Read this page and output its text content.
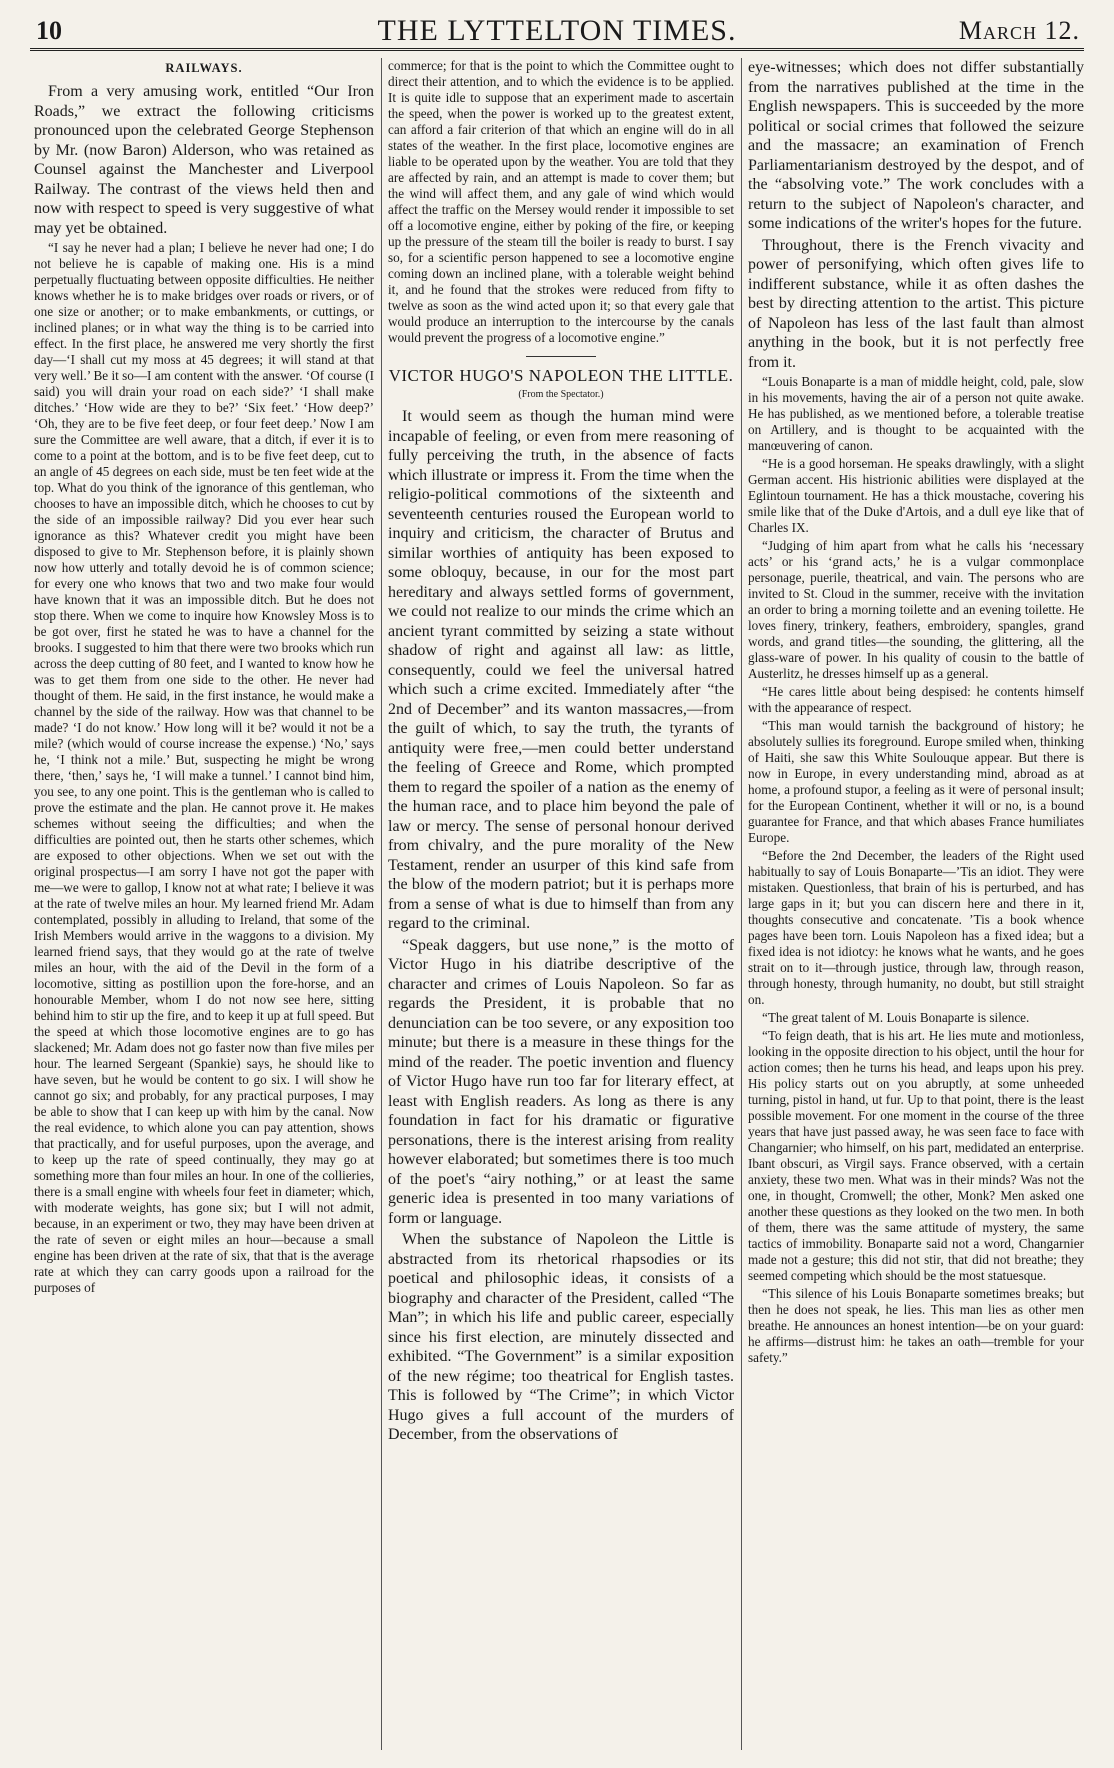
10	THE LYTTELTON TIMES.	March 12.
RAILWAYS.

From a very amusing work, entitled “Our Iron Roads,” we extract the following criticisms pronounced upon the celebrated George Stephenson by Mr. (now Baron) Alderson, who was retained as Counsel against the Manchester and Liverpool Railway. The contrast of the views held then and now with respect to speed is very suggestive of what may yet be obtained.

“I say he never had a plan; I believe he never had one; I do not believe he is capable of making one. His is a mind perpetually fluctuating between opposite difficulties. He neither knows whether he is to make bridges over roads or rivers, or of one size or another; or to make embankments, or cuttings, or inclined planes; or in what way the thing is to be carried into effect. In the first place, he answered me very shortly the first day—‘I shall cut my moss at 45 degrees; it will stand at that very well.’ Be it so—I am content with the answer. ‘Of course (I said) you will drain your road on each side?’ ‘I shall make ditches.’ ‘How wide are they to be?’ ‘Six feet.’ ‘How deep?’ ‘Oh, they are to be five feet deep, or four feet deep.’ Now I am sure the Committee are well aware, that a ditch, if ever it is to come to a point at the bottom, and is to be five feet deep, cut to an angle of 45 degrees on each side, must be ten feet wide at the top. What do you think of the ignorance of this gentleman, who chooses to have an impossible ditch, which he chooses to cut by the side of an impossible railway? Did you ever hear such ignorance as this? Whatever credit you might have been disposed to give to Mr. Stephenson before, it is plainly shown now how utterly and totally devoid he is of common science; for every one who knows that two and two make four would have known that it was an impossible ditch. But he does not stop there. When we come to inquire how Knowsley Moss is to be got over, first he stated he was to have a channel for the brooks. I suggested to him that there were two brooks which run across the deep cutting of 80 feet, and I wanted to know how he was to get them from one side to the other. He never had thought of them. He said, in the first instance, he would make a channel by the side of the railway. How was that channel to be made? ‘I do not know.’ How long will it be? would it not be a mile? (which would of course increase the expense.) ‘No,’ says he, ‘I think not a mile.’ But, suspecting he might be wrong there, ‘then,’ says he, ‘I will make a tunnel.’ I cannot bind him, you see, to any one point. This is the gentleman who is called to prove the estimate and the plan. He cannot prove it. He makes schemes without seeing the difficulties; and when the difficulties are pointed out, then he starts other schemes, which are exposed to other objections. When we set out with the original prospectus—I am sorry I have not got the paper with me—we were to gallop, I know not at what rate; I believe it was at the rate of twelve miles an hour. My learned friend Mr. Adam contemplated, possibly in alluding to Ireland, that some of the Irish Members would arrive in the waggons to a division. My learned friend says, that they would go at the rate of twelve miles an hour, with the aid of the Devil in the form of a locomotive, sitting as postillion upon the fore-horse, and an honourable Member, whom I do not now see here, sitting behind him to stir up the fire, and to keep it up at full speed. But the speed at which those locomotive engines are to go has slackened; Mr. Adam does not go faster now than five miles per hour. The learned Sergeant (Spankie) says, he should like to have seven, but he would be content to go six. I will show he cannot go six; and probably, for any practical purposes, I may be able to show that I can keep up with him by the canal. Now the real evidence, to which alone you can pay attention, shows that practically, and for useful purposes, upon the average, and to keep up the rate of speed continually, they may go at something more than four miles an hour. In one of the collieries, there is a small engine with wheels four feet in diameter; which, with moderate weights, has gone six; but I will not admit, because, in an experiment or two, they may have been driven at the rate of seven or eight miles an hour—because a small engine has been driven at the rate of six, that that is the average rate at which they can carry goods upon a railroad for the purposes of

commerce; for that is the point to which the Committee ought to direct their attention, and to which the evidence is to be applied. It is quite idle to suppose that an experiment made to ascertain the speed, when the power is worked up to the greatest extent, can afford a fair criterion of that which an engine will do in all states of the weather. In the first place, locomotive engines are liable to be operated upon by the weather. You are told that they are affected by rain, and an attempt is made to cover them; but the wind will affect them, and any gale of wind which would affect the traffic on the Mersey would render it impossible to set off a locomotive engine, either by poking of the fire, or keeping up the pressure of the steam till the boiler is ready to burst. I say so, for a scientific person happened to see a locomotive engine coming down an inclined plane, with a tolerable weight behind it, and he found that the strokes were reduced from fifty to twelve as soon as the wind acted upon it; so that every gale that would produce an interruption to the intercourse by the canals would prevent the progress of a locomotive engine.”

VICTOR HUGO'S NAPOLEON THE LITTLE.
(From the Spectator.)

It would seem as though the human mind were incapable of feeling, or even from mere reasoning of fully perceiving the truth, in the absence of facts which illustrate or impress it. From the time when the religio-political commotions of the sixteenth and seventeenth centuries roused the European world to inquiry and criticism, the character of Brutus and similar worthies of antiquity has been exposed to some obloquy, because, in our for the most part hereditary and always settled forms of government, we could not realize to our minds the crime which an ancient tyrant committed by seizing a state without shadow of right and against all law: as little, consequently, could we feel the universal hatred which such a crime excited. Immediately after “the 2nd of December” and its wanton massacres,—from the guilt of which, to say the truth, the tyrants of antiquity were free,—men could better understand the feeling of Greece and Rome, which prompted them to regard the spoiler of a nation as the enemy of the human race, and to place him beyond the pale of law or mercy. The sense of personal honour derived from chivalry, and the pure morality of the New Testament, render an usurper of this kind safe from the blow of the modern patriot; but it is perhaps more from a sense of what is due to himself than from any regard to the criminal.

“Speak daggers, but use none,” is the motto of Victor Hugo in his diatribe descriptive of the character and crimes of Louis Napoleon. So far as regards the President, it is probable that no denunciation can be too severe, or any exposition too minute; but there is a measure in these things for the mind of the reader. The poetic invention and fluency of Victor Hugo have run too far for literary effect, at least with English readers. As long as there is any foundation in fact for his dramatic or figurative personations, there is the interest arising from reality however elaborated; but sometimes there is too much of the poet's “airy nothing,” or at least the same generic idea is presented in too many variations of form or language.

When the substance of Napoleon the Little is abstracted from its rhetorical rhapsodies or its poetical and philosophic ideas, it consists of a biography and character of the President, called “The Man”; in which his life and public career, especially since his first election, are minutely dissected and exhibited. “The Government” is a similar exposition of the new régime; too theatrical for English tastes. This is followed by “The Crime”; in which Victor Hugo gives a full account of the murders of December, from the observations of

eye-witnesses; which does not differ substantially from the narratives published at the time in the English newspapers. This is succeeded by the more political or social crimes that followed the seizure and the massacre; an examination of French Parliamentarianism destroyed by the despot, and of the “absolving vote.” The work concludes with a return to the subject of Napoleon's character, and some indications of the writer's hopes for the future.

Throughout, there is the French vivacity and power of personifying, which often gives life to indifferent substance, while it as often dashes the best by directing attention to the artist. This picture of Napoleon has less of the last fault than almost anything in the book, but it is not perfectly free from it.

“Louis Bonaparte is a man of middle height, cold, pale, slow in his movements, having the air of a person not quite awake. He has published, as we mentioned before, a tolerable treatise on Artillery, and is thought to be acquainted with the manœuvering of canon.

“He is a good horseman. He speaks drawlingly, with a slight German accent. His histrionic abilities were displayed at the Eglintoun tournament. He has a thick moustache, covering his smile like that of the Duke d'Artois, and a dull eye like that of Charles IX.

“Judging of him apart from what he calls his ‘necessary acts’ or his ‘grand acts,’ he is a vulgar commonplace personage, puerile, theatrical, and vain. The persons who are invited to St. Cloud in the summer, receive with the invitation an order to bring a morning toilette and an evening toilette. He loves finery, trinkery, feathers, embroidery, spangles, grand words, and grand titles—the sounding, the glittering, all the glass-ware of power. In his quality of cousin to the battle of Austerlitz, he dresses himself up as a general.

“He cares little about being despised: he contents himself with the appearance of respect.

“This man would tarnish the background of history; he absolutely sullies its foreground. Europe smiled when, thinking of Haiti, she saw this White Soulouque appear. But there is now in Europe, in every understanding mind, abroad as at home, a profound stupor, a feeling as it were of personal insult; for the European Continent, whether it will or no, is a bound guarantee for France, and that which abases France humiliates Europe.

“Before the 2nd December, the leaders of the Right used habitually to say of Louis Bonaparte—’Tis an idiot. They were mistaken. Questionless, that brain of his is perturbed, and has large gaps in it; but you can discern here and there in it, thoughts consecutive and concatenate. ’Tis a book whence pages have been torn. Louis Napoleon has a fixed idea; but a fixed idea is not idiotcy: he knows what he wants, and he goes strait on to it—through justice, through law, through reason, through honesty, through humanity, no doubt, but still straight on.

“The great talent of M. Louis Bonaparte is silence.

“To feign death, that is his art. He lies mute and motionless, looking in the opposite direction to his object, until the hour for action comes; then he turns his head, and leaps upon his prey. His policy starts out on you abruptly, at some unheeded turning, pistol in hand, ut fur. Up to that point, there is the least possible movement. For one moment in the course of the three years that have just passed away, he was seen face to face with Changarnier; who himself, on his part, medidated an enterprise. Ibant obscuri, as Virgil says. France observed, with a certain anxiety, these two men. What was in their minds? Was not the one, in thought, Cromwell; the other, Monk? Men asked one another these questions as they looked on the two men. In both of them, there was the same attitude of mystery, the same tactics of immobility. Bonaparte said not a word, Changarnier made not a gesture; this did not stir, that did not breathe; they seemed competing which should be the most statuesque.

“This silence of his Louis Bonaparte sometimes breaks; but then he does not speak, he lies. This man lies as other men breathe. He announces an honest intention—be on your guard: he affirms—distrust him: he takes an oath—tremble for your safety.”
